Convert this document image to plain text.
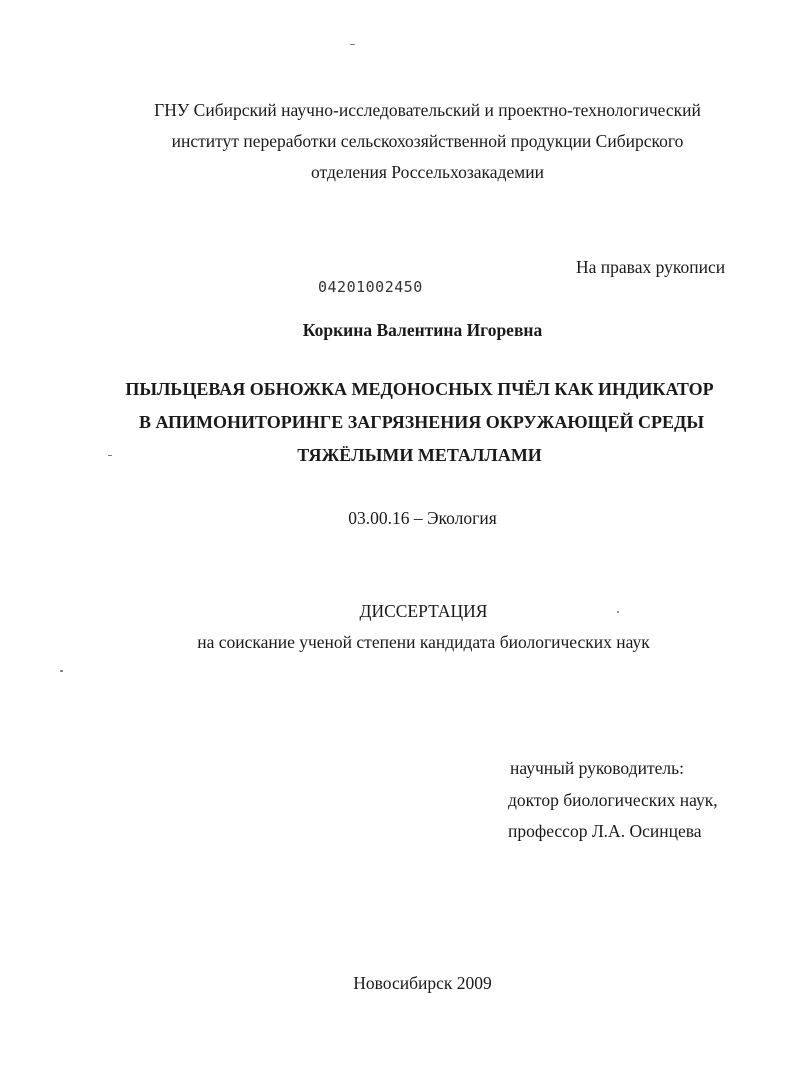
ГНУ Сибирский научно-исследовательский и проектно-технологический
институт переработки сельскохозяйственной продукции Сибирского
отделения Россельхозакадемии
На правах рукописи
04201002450
Коркина Валентина Игоревна
ПЫЛЬЦЕВАЯ ОБНОЖКА МЕДОНОСНЫХ ПЧЁЛ КАК ИНДИКАТОР
В АПИМОНИТОРИНГЕ ЗАГРЯЗНЕНИЯ ОКРУЖАЮЩЕЙ СРЕДЫ
ТЯЖЁЛЫМИ МЕТАЛЛАМИ
03.00.16 – Экология
ДИССЕРТАЦИЯ
на соискание ученой степени кандидата биологических наук
научный руководитель:
доктор биологических наук,
профессор Л.А. Осинцева
Новосибирск 2009
